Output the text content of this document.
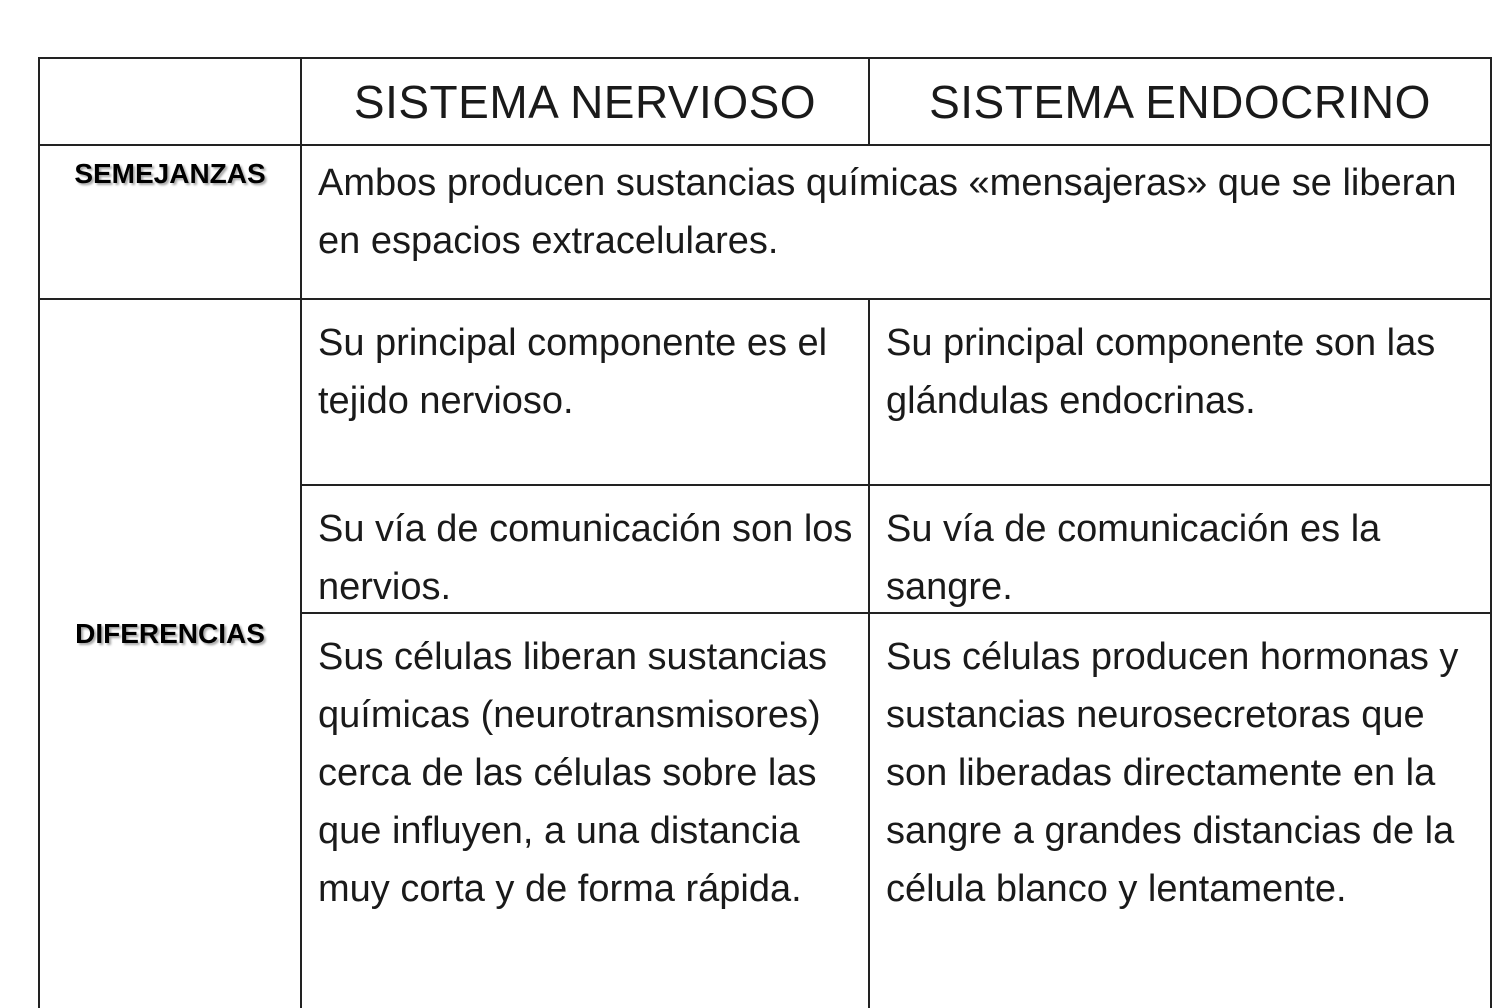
SISTEMA NERVIOSO	SISTEMA ENDOCRINO
SEMEJANZAS	Ambos producen sustancias químicas «mensajeras» que se liberan en espacios extracelulares.
DIFERENCIAS
Su principal componente es el tejido nervioso.
Su principal componente son las glándulas endocrinas.
Su vía de comunicación son los nervios.
Su vía de comunicación es la sangre.
Sus células liberan sustancias químicas (neurotransmisores) cerca de las células sobre las que influyen, a una distancia muy corta y de forma rápida.
Sus células producen hormonas y sustancias neurosecretoras que son liberadas directamente en la sangre a grandes distancias de la célula blanco y lentamente.
